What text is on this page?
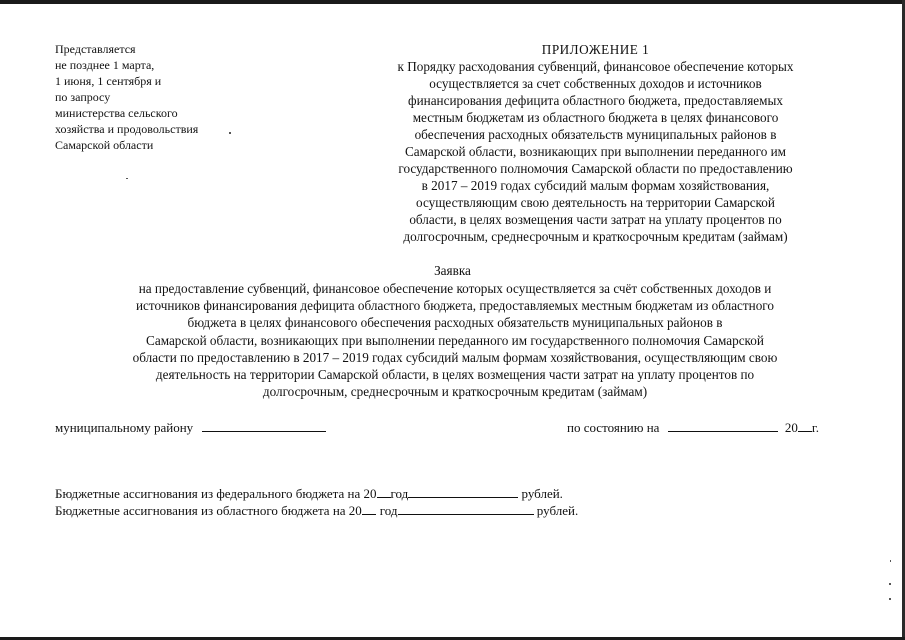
Представляется
не позднее 1 марта,
1 июня, 1 сентября и
по запросу
министерства сельского
хозяйства и продовольствия
Самарской области
ПРИЛОЖЕНИЕ 1
к Порядку расходования субвенций, финансовое обеспечение которых
осуществляется за счет собственных доходов и источников
финансирования дефицита областного бюджета, предоставляемых
местным бюджетам из областного бюджета в целях финансового
обеспечения расходных обязательств муниципальных районов в
Самарской области, возникающих при выполнении переданного им
государственного полномочия Самарской области по предоставлению
в 2017 – 2019 годах субсидий малым формам хозяйствования,
осуществляющим свою деятельность на территории Самарской
области, в целях возмещения части затрат на уплату процентов по
долгосрочным, среднесрочным и краткосрочным кредитам (займам)
Заявка
на предоставление субвенций, финансовое обеспечение которых осуществляется за счёт собственных доходов и
источников финансирования дефицита областного бюджета, предоставляемых местным бюджетам из областного
бюджета в целях финансового обеспечения расходных обязательств муниципальных районов в
Самарской области, возникающих при выполнении переданного им государственного полномочия Самарской
области по предоставлению в 2017 – 2019 годах субсидий малым формам хозяйствования, осуществляющим свою
деятельность на территории Самарской области, в целях возмещения части затрат на уплату процентов по
долгосрочным, среднесрочным и краткосрочным кредитам (займам)
муниципальному району	по состоянию на	20 г.
Бюджетные ассигнования из федерального бюджета на 20 год	рублей.
Бюджетные ассигнования из областного бюджета на 20 год	рублей.
